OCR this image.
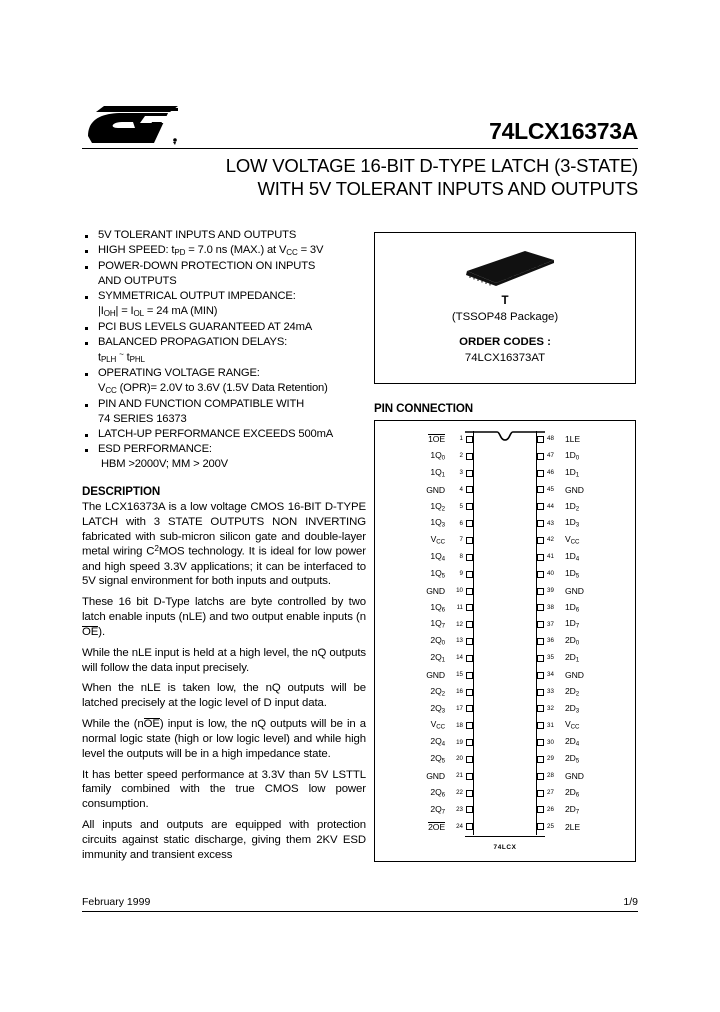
74LCX16373A
LOW VOLTAGE 16-BIT D-TYPE LATCH (3-STATE)
WITH 5V TOLERANT INPUTS AND OUTPUTS
5V TOLERANT INPUTS AND OUTPUTS
HIGH SPEED: $t_{PD} = 7.0$ ns (MAX.) at $V_{CC} = 3V$
POWER-DOWN PROTECTION ON INPUTS
AND OUTPUTS
SYMMETRICAL OUTPUT IMPEDANCE:
$|I_{OH}| = I_{OL} = 24$ mA (MIN)
PCI BUS LEVELS GUARANTEED AT 24mA
BALANCED PROPAGATION DELAYS:
$t_{PLH}$ ~ $t_{PHL}$
OPERATING VOLTAGE RANGE:
$V_{CC}$ (OPR)= 2.0V to 3.6V (1.5V Data Retention)
PIN AND FUNCTION COMPATIBLE WITH
74 SERIES 16373
LATCH-UP PERFORMANCE EXCEEDS 500mA
ESD PERFORMANCE:
HBM >2000V; MM > 200V
DESCRIPTION

The LCX16373A is a low voltage CMOS 16-BIT D-TYPE LATCH with 3 STATE OUTPUTS NON INVERTING fabricated with sub-micron silicon gate and double-layer metal wiring $C^2MOS$ technology. It is ideal for low power and high speed 3.3V applications; it can be interfaced to 5V signal environment for both inputs and outputs.

These 16 bit D-Type latchs are byte controlled by two latch enable inputs (nLE) and two output enable inputs (nOE).

While the nLE input is held at a high level, the nQ outputs will follow the data input precisely.

When the nLE is taken low, the nQ outputs will be latched precisely at the logic level of D input data.

While the (nOE) input is low, the nQ outputs will be in a normal logic state (high or low logic level) and while high level the outputs will be in a high impedance state.

It has better speed performance at 3.3V than 5V LSTTL family combined with the true CMOS low power consumption.

All inputs and outputs are equipped with protection circuits against static discharge, giving them 2KV ESD immunity and transient excess

T
(TSSOP48 Package)
ORDER CODES :
74LCX16373AT
PIN CONNECTION
1OE	1	48	1LE
$1Q_0$	2	47	$1D_0$
$1Q_1$	3	46	$1D_1$
GND	4	45	GND
$1Q_2$	5	44	$1D_2$
$1Q_3$	6	43	$1D_3$
$V_{CC}$	7	42	$V_{CC}$
$1Q_4$	8	41	$1D_4$
$1Q_5$	9	40	$1D_5$
GND	10	39	GND
$1Q_6$	11	38	$1D_6$
$1Q_7$	12	37	$1D_7$
$2Q_0$	13	36	$2D_0$
$2Q_1$	14	35	$2D_1$
GND	15	34	GND
$2Q_2$	16	33	$2D_2$
$2Q_3$	17	32	$2D_3$
$V_{CC}$	18	31	$V_{CC}$
$2Q_4$	19	30	$2D_4$
$2Q_5$	20	29	$2D_5$
GND	21	28	GND
$2Q_6$	22	27	$2D_6$
$2Q_7$	23	26	$2D_7$
2OE	24	25	2LE
74LCX
February 1999	1/9
